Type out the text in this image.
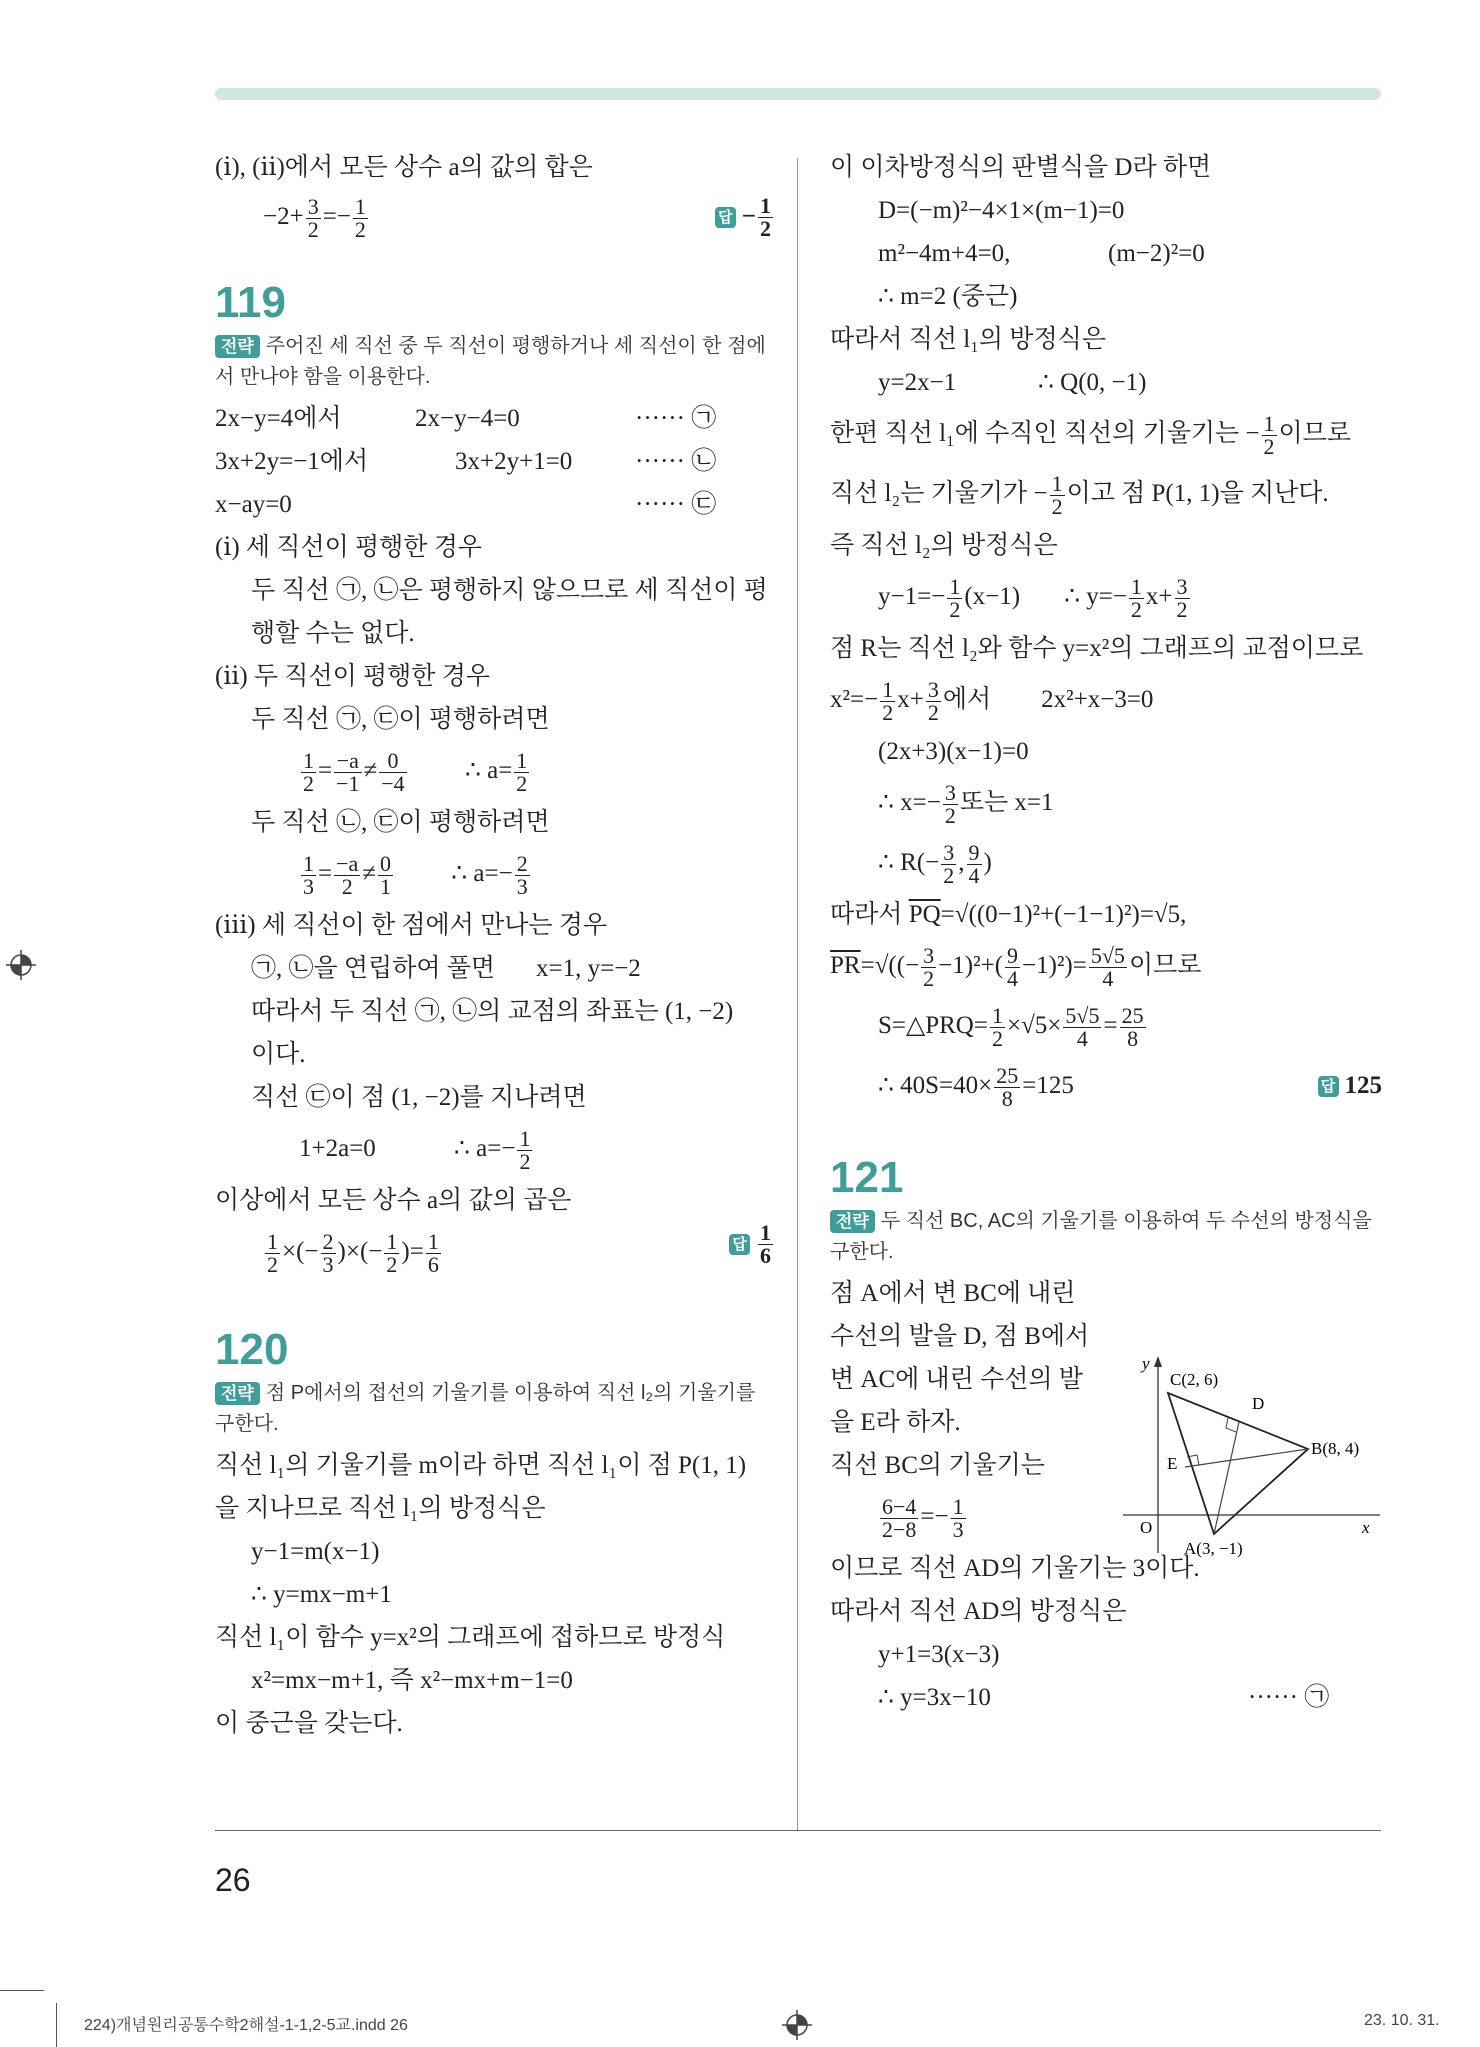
(ⅰ), (ⅱ)에서 모든 상수 a의 값의 합은
$-2+ \frac{3}{2} =- \frac{1}{2}$	답 − $\frac{1}{2}$
119
전략 주어진 세 직선 중 두 직선이 평행하거나 세 직선이 한 점에서 만나야 함을 이용한다.
2x−y=4에서	2x−y−4=0	······ ㉠
3x+2y=−1에서	3x+2y+1=0	······ ㉡
x−ay=0	······ ㉢
(ⅰ) 세 직선이 평행한 경우
두 직선 ㉠, ㉡은 평행하지 않으므로 세 직선이 평
행할 수는 없다.
(ⅱ) 두 직선이 평행한 경우
두 직선 ㉠, ㉢이 평행하려면
$\frac{1}{2} = \frac{-a}{-1} \ne \frac{0}{-4}$ ∴ $a= \frac{1}{2}$
두 직선 ㉡, ㉢이 평행하려면
$\frac{1}{3} = \frac{-a}{2} \ne \frac{0}{1}$ ∴ $a=- \frac{2}{3}$
(ⅲ) 세 직선이 한 점에서 만나는 경우
㉠, ㉡을 연립하여 풀면 x=1, y=−2
따라서 두 직선 ㉠, ㉡의 교점의 좌표는 (1, −2)
이다.
직선 ㉢이 점 (1, −2)를 지나려면
1+2a=0	∴ $a=- \frac{1}{2}$
이상에서 모든 상수 a의 값의 곱은
$\frac{1}{2}$ ×(− $\frac{2}{3}$ )×(− $\frac{1}{2}$ )= $\frac{1}{6}$	답 $\frac{1}{6}$
120
전략 점 P에서의 접선의 기울기를 이용하여 직선 l₂의 기울기를 구한다.
직선 l₁의 기울기를 m이라 하면 직선 l₁이 점 P(1, 1)
을 지나므로 직선 l₁의 방정식은
y−1=m(x−1)
∴ y=mx−m+1
직선 l₁이 함수 y=x²의 그래프에 접하므로 방정식
x²=mx−m+1, 즉 x²−mx+m−1=0
이 중근을 갖는다.
이 이차방정식의 판별식을 D라 하면
D=(−m)²−4×1×(m−1)=0
m²−4m+4=0,	(m−2)²=0
∴ m=2 (중근)
따라서 직선 l₁의 방정식은
y=2x−1	∴ Q(0, −1)
한편 직선 l₁에 수직인 직선의 기울기는 − $\frac{1}{2}$ 이므로
직선 l₂는 기울기가 − $\frac{1}{2}$ 이고 점 P(1, 1)을 지난다.
즉 직선 l₂의 방정식은
$y-1=- \frac{1}{2} (x-1)$ ∴ $y=- \frac{1}{2} x+ \frac{3}{2}$
점 R는 직선 l₂와 함수 y=x²의 그래프의 교점이므로
$x^2=- \frac{1}{2} x+ \frac{3}{2}$ 에서 2x²+x−3=0
(2x+3)(x−1)=0
∴ $x=- \frac{3}{2}$ 또는 x=1
∴ $R(- \frac{3}{2}$ , $\frac{9}{4}$ )
따라서 $\overline{PQ}=√((0-1)^2+(-1-1)^2)=√5$,
$\overline{PR}=√((- \frac{3}{2} -1)^2+( \frac{9}{4} -1)^2)= \frac{5√5}{4}$ 이므로
S=△PRQ= $\frac{1}{2} \times√5\times \frac{5√5}{4} = \frac{25}{8}$
∴ $40S=40\times \frac{25}{8} =125$	답 125
121
전략 두 직선 BC, AC의 기울기를 이용하여 두 수선의 방정식을 구한다.
점 A에서 변 BC에 내린
수선의 발을 D, 점 B에서
변 AC에 내린 수선의 발
을 E라 하자.
직선 BC의 기울기는
$\frac{6-4}{2-8} =- \frac{1}{3}$
이므로 직선 AD의 기울기는 3이다.
따라서 직선 AD의 방정식은
y+1=3(x−3)
∴ y=3x−10	······ ㉠
y
x
O
C(2, 6)
D
B(8, 4)
E
A(3, −1)
26
224)개념원리공통수학2해설-1-1,2-5교.indd 26	23. 10. 31.
